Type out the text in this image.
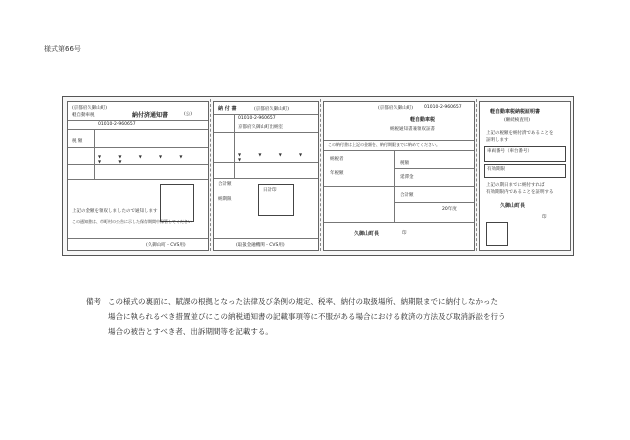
様式第66号
(京都府久御山町)
軽自動車税	納付済通知書	(公)
01010-2-960657
税 額
▼ ▼ ▼ ▼ ▼ ▼ ▼
上記の金額を領収しましたので通知します
この通知書は、市町村の公告に示した保存期間中保管してください
(久御山町・CVS用)
納 付 書	(京都府久御山町)
01010-2-960657
京都府久御山町出納室
▼ ▼ ▼ ▼ ▼
合計額
納期限
日計印
(取扱金融機関・CVS用)
(京都府久御山町) 01010-2-960657
軽自動車税
納税通知書兼領収証書
この納付書は上記の金額を、納付期限までに納めてください。
納税者
年税額
税額
延滞金
合計額
20年度
久御山町長	印
軽自動車税納税証明書
(継続検査用)
上記の税額を納付済であることを
証明します
車両番号（車台番号）
有効期限
上記の期日までに納付すれば
有効期限内であることを証明する
久御山町長
印
備考 この様式の裏面に、賦課の根拠となった法律及び条例の規定、税率、納付の取扱場所、納期限までに納付しなかった
場合に執られるべき措置並びにこの納税通知書の記載事項等に不服がある場合における救済の方法及び取消訴訟を行う
場合の被告とすべき者、出訴期間等を記載する。
